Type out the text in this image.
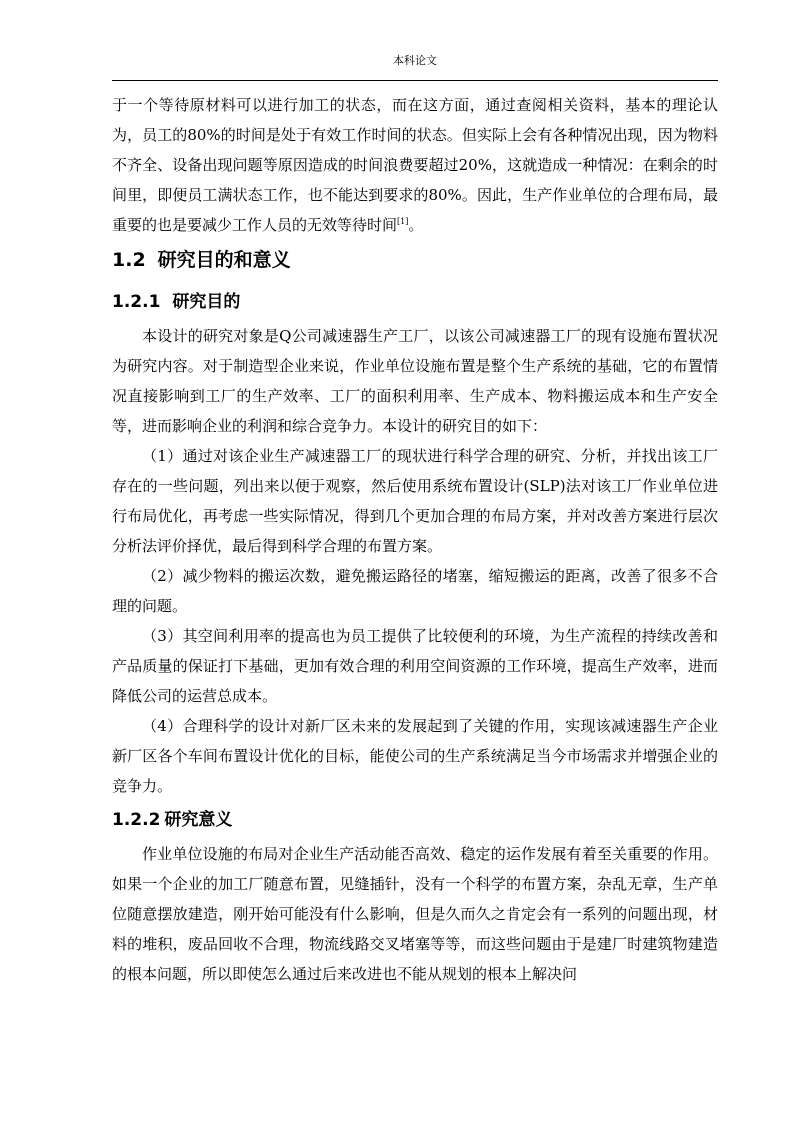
本科论文

于一个等待原材料可以进行加工的状态，而在这方面，通过查阅相关资料，基本的理论认为，员工的80%的时间是处于有效工作时间的状态。但实际上会有各种情况出现，因为物料不齐全、设备出现问题等原因造成的时间浪费要超过20%，这就造成一种情况：在剩余的时间里，即便员工满状态工作，也不能达到要求的80%。因此，生产作业单位的合理布局，最重要的也是要减少工作人员的无效等待时间[1]。

1.2 研究目的和意义
1.2.1 研究目的

本设计的研究对象是Q公司减速器生产工厂，以该公司减速器工厂的现有设施布置状况为研究内容。对于制造型企业来说，作业单位设施布置是整个生产系统的基础，它的布置情况直接影响到工厂的生产效率、工厂的面积利用率、生产成本、物料搬运成本和生产安全等，进而影响企业的利润和综合竞争力。本设计的研究目的如下：

（1）通过对该企业生产减速器工厂的现状进行科学合理的研究、分析，并找出该工厂存在的一些问题，列出来以便于观察，然后使用系统布置设计(SLP)法对该工厂作业单位进行布局优化，再考虑一些实际情况，得到几个更加合理的布局方案，并对改善方案进行层次分析法评价择优，最后得到科学合理的布置方案。

（2）减少物料的搬运次数，避免搬运路径的堵塞，缩短搬运的距离，改善了很多不合理的问题。

（3）其空间利用率的提高也为员工提供了比较便利的环境，为生产流程的持续改善和产品质量的保证打下基础，更加有效合理的利用空间资源的工作环境，提高生产效率，进而降低公司的运营总成本。

（4）合理科学的设计对新厂区未来的发展起到了关键的作用，实现该减速器生产企业新厂区各个车间布置设计优化的目标，能使公司的生产系统满足当今市场需求并增强企业的竞争力。

1.2.2 研究意义

作业单位设施的布局对企业生产活动能否高效、稳定的运作发展有着至关重要的作用。如果一个企业的加工厂随意布置，见缝插针，没有一个科学的布置方案，杂乱无章，生产单位随意摆放建造，刚开始可能没有什么影响，但是久而久之肯定会有一系列的问题出现，材料的堆积，废品回收不合理，物流线路交叉堵塞等等，而这些问题由于是建厂时建筑物建造的根本问题，所以即使怎么通过后来改进也不能从规划的根本上解决问
